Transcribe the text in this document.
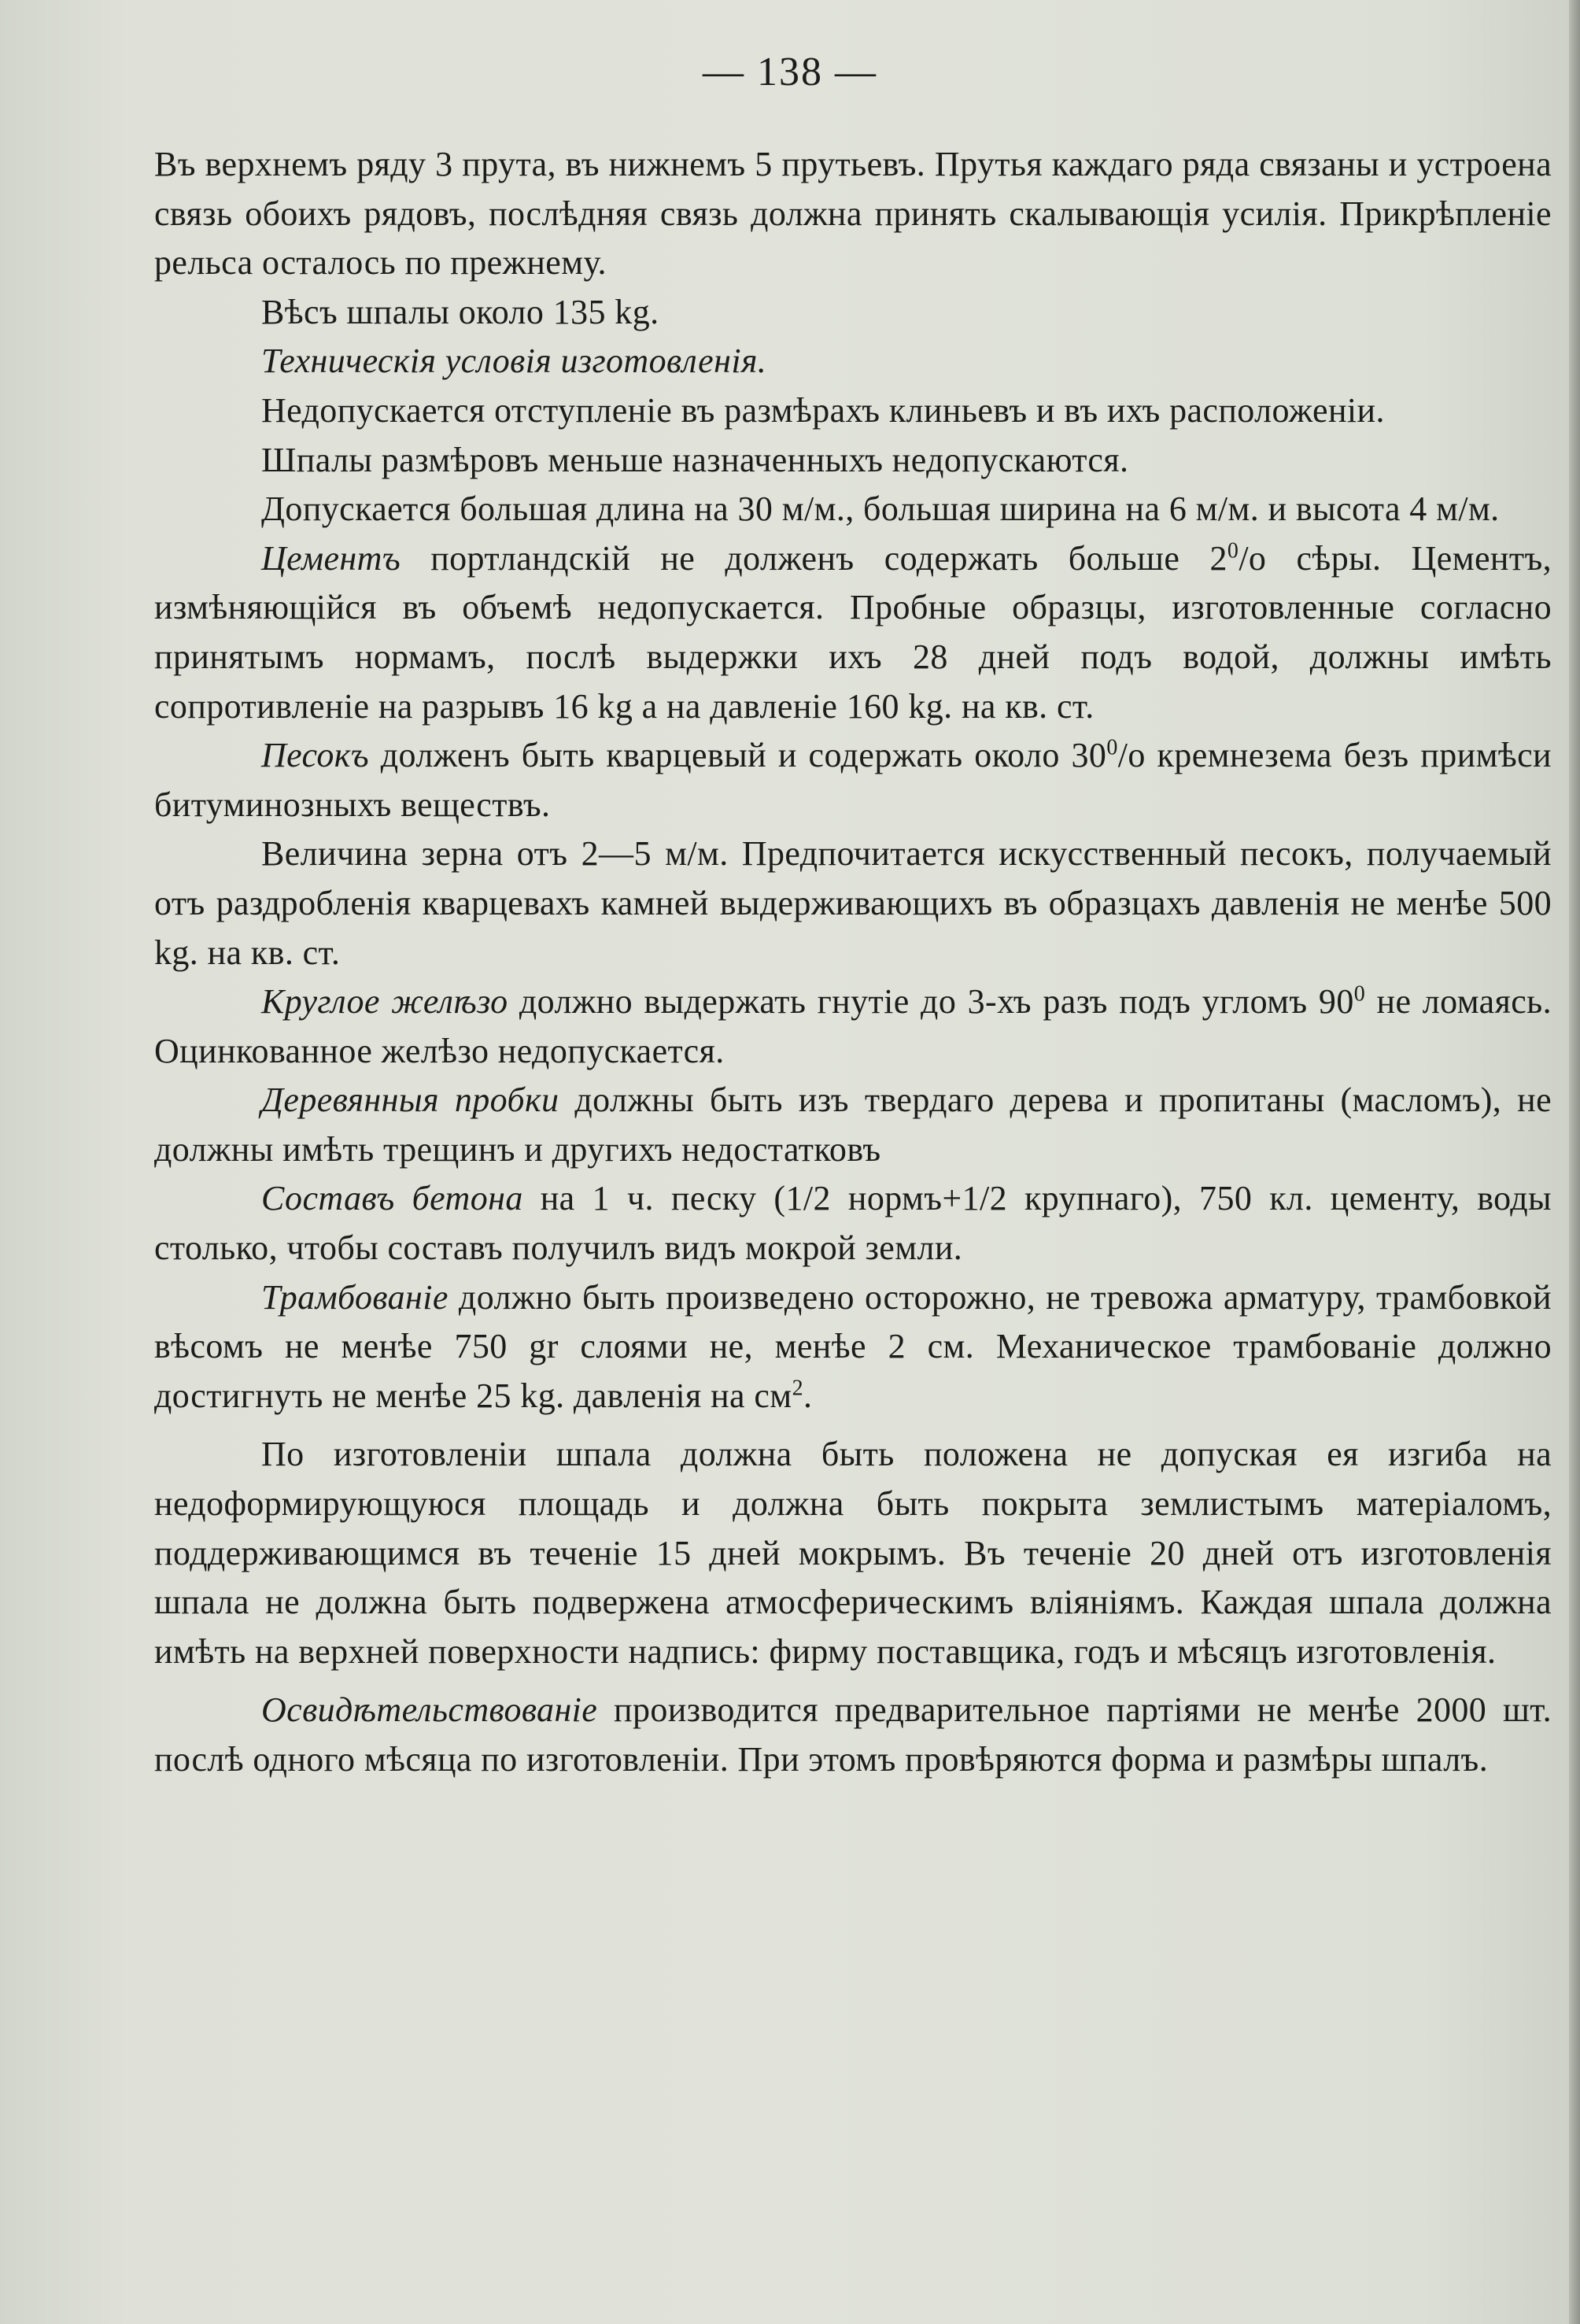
— 138 —

Въ верхнемъ ряду 3 прута, въ нижнемъ 5 прутьевъ. Прутья каждаго ряда связаны и устроена связь обоихъ рядовъ, послѣдняя связь должна принять скалывающія усилія. Прикрѣпленіе рельса осталось по прежнему.

Вѣсъ шпалы около 135 kg.

Техническія условія изготовленія.

Недопускается отступленіе въ размѣрахъ клиньевъ и въ ихъ расположеніи.

Шпалы размѣровъ меньше назначенныхъ недопускаются.

Допускается большая длина на 30 м/м., большая ширина на 6 м/м. и высота 4 м/м.

Цементъ портландскій не долженъ содержать больше $2^0/о$ сѣры. Цементъ, измѣняющійся въ объемѣ недопускается. Пробные образцы, изготовленные согласно принятымъ нормамъ, послѣ выдержки ихъ 28 дней подъ водой, должны имѣть сопротивленіе на разрывъ 16 kg а на давленіе 160 kg. на кв. ст.

Песокъ долженъ быть кварцевый и содержать около $30^0/о$ кремнезема безъ примѣси битуминозныхъ веществъ.

Величина зерна отъ 2—5 м/м. Предпочитается искусственный песокъ, получаемый отъ раздробленія кварцевахъ камней выдерживающихъ въ образцахъ давленія не менѣе 500 kg. на кв. ст.

Круглое желѣзо должно выдержать гнутіе до 3-хъ разъ подъ угломъ $90^0$ не ломаясь. Оцинкованное желѣзо недопускается.

Деревянныя пробки должны быть изъ твердаго дерева и пропитаны (масломъ), не должны имѣть трещинъ и другихъ недостатковъ

Составъ бетона на 1 ч. песку (1/2 нормъ+1/2 крупнаго), 750 кл. цементу, воды столько, чтобы составъ получилъ видъ мокрой земли.

Трамбованіе должно быть произведено осторожно, не тревожа арматуру, трамбовкой вѣсомъ не менѣе 750 gr слоями не, менѣе 2 см. Механическое трамбованіе должно достигнуть не менѣе 25 kg. давленія на $см^2$.

По изготовленіи шпала должна быть положена не допуская ея изгиба на недоформирующуюся площадь и должна быть покрыта землистымъ матеріаломъ, поддерживающимся въ теченіе 15 дней мокрымъ. Въ теченіе 20 дней отъ изготовленія шпала не должна быть подвержена атмосферическимъ вліяніямъ. Каждая шпала должна имѣть на верхней поверхности надпись: фирму поставщика, годъ и мѣсяцъ изготовленія.

Освидѣтельствованіе производится предварительное партіями не менѣе 2000 шт. послѣ одного мѣсяца по изготовленіи. При этомъ провѣряются форма и размѣры шпалъ.
